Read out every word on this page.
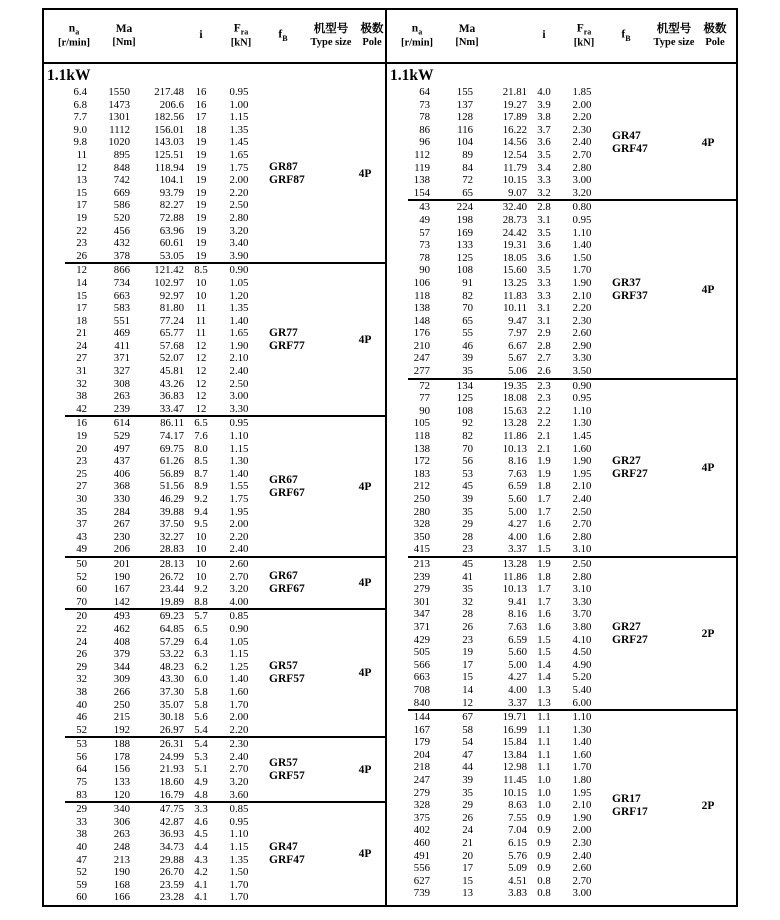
$n_a$
[r/min]
Ma
[Nm]
i
$F_{ra}$
[kN]
$f_B$
机型号
Type size
极数
Pole
1.1kW
6.4	1550	217.48	16	0.95
6.8	1473	206.6	16	1.00
7.7	1301	182.56	17	1.15
9.0	1112	156.01	18	1.35
9.8	1020	143.03	19	1.45
11	895	125.51	19	1.65
12	848	118.94	19	1.75
13	742	104.1	19	2.00
15	669	93.79	19	2.20
17	586	82.27	19	2.50
19	520	72.88	19	2.80
22	456	63.96	19	3.20
23	432	60.61	19	3.40
26	378	53.05	19	3.90
GR87
GRF87	4P
12	866	121.42 8.5	0.90
14	734	102.97	10	1.05
15	663	92.97	10	1.20
17	583	81.80	11	1.35
18	551	77.24	11	1.40
21	469	65.77	11	1.65
24	411	57.68	12	1.90
27	371	52.07	12	2.10
31	327	45.81	12	2.40
32	308	43.26	12	2.50
38	263	36.83	12	3.00
42	239	33.47	12	3.30
GR77
GRF77	4P
16	614	86.11 6.5	0.95
19	529	74.17 7.6	1.10
20	497	69.75 8.0	1.15
23	437	61.26 8.5	1.30
25	406	56.89 8.7	1.40
27	368	51.56 8.9	1.55
30	330	46.29 9.2	1.75
35	284	39.88 9.4	1.95
37	267	37.50 9.5	2.00
43	230	32.27	10	2.20
49	206	28.83	10	2.40
GR67
GRF67	4P
50	201	28.13	10	2.60
52	190	26.72	10	2.70
60	167	23.44 9.2	3.20
70	142	19.89 8.8	4.00
GR67
GRF67	4P
20	493	69.23 5.7	0.85
22	462	64.85 6.5	0.90
24	408	57.29 6.4	1.05
26	379	53.22 6.3	1.15
29	344	48.23 6.2	1.25
32	309	43.30 6.0	1.40
38	266	37.30 5.8	1.60
40	250	35.07 5.8	1.70
46	215	30.18 5.6	2.00
52	192	26.97 5.4	2.20
GR57
GRF57	4P
53	188	26.31 5.4	2.30
56	178	24.99 5.3	2.40
64	156	21.93 5.1	2.70
75	133	18.60 4.9	3.20
83	120	16.79 4.8	3.60
GR57
GRF57	4P
29	340	47.75 3.3	0.85
33	306	42.87 4.6	0.95
38	263	36.93 4.5	1.10
40	248	34.73 4.4	1.15
47	213	29.88 4.3	1.35
52	190	26.70 4.2	1.50
59	168	23.59 4.1	1.70
60	166	23.28 4.1	1.70
GR47
GRF47	4P
$n_a$
[r/min]
Ma
[Nm]
i
$F_{ra}$
[kN]
$f_B$
机型号
Type size
极数
Pole
1.1kW
64	155	21.81 4.0	1.85
73	137	19.27 3.9	2.00
78	128	17.89 3.8	2.20
86	116	16.22 3.7	2.30
96	104	14.56 3.6	2.40
112	89	12.54 3.5	2.70
119	84	11.79 3.4	2.80
138	72	10.15 3.3	3.00
154	65	9.07 3.2	3.20
GR47
GRF47	4P
43	224	32.40 2.8	0.80
49	198	28.73 3.1	0.95
57	169	24.42 3.5	1.10
73	133	19.31 3.6	1.40
78	125	18.05 3.6	1.50
90	108	15.60 3.5	1.70
106	91	13.25 3.3	1.90
118	82	11.83 3.3	2.10
138	70	10.11 3.1	2.20
148	65	9.47 3.1	2.30
176	55	7.97 2.9	2.60
210	46	6.67 2.8	2.90
247	39	5.67 2.7	3.30
277	35	5.06 2.6	3.50
GR37
GRF37	4P
72	134	19.35 2.3	0.90
77	125	18.08 2.3	0.95
90	108	15.63 2.2	1.10
105	92	13.28 2.2	1.30
118	82	11.86 2.1	1.45
138	70	10.13 2.1	1.60
172	56	8.16 1.9	1.90
183	53	7.63 1.9	1.95
212	45	6.59 1.8	2.10
250	39	5.60 1.7	2.40
280	35	5.00 1.7	2.50
328	29	4.27 1.6	2.70
350	28	4.00 1.6	2.80
415	23	3.37 1.5	3.10
GR27
GRF27	4P
213	45	13.28 1.9	2.50
239	41	11.86 1.8	2.80
279	35	10.13 1.7	3.10
301	32	9.41 1.7	3.30
347	28	8.16 1.6	3.70
371	26	7.63 1.6	3.80
429	23	6.59 1.5	4.10
505	19	5.60 1.5	4.50
566	17	5.00 1.4	4.90
663	15	4.27 1.4	5.20
708	14	4.00 1.3	5.40
840	12	3.37 1.3	6.00
GR27
GRF27	2P
144	67	19.71 1.1	1.10
167	58	16.99 1.1	1.30
179	54	15.84 1.1	1.40
204	47	13.84 1.1	1.60
218	44	12.98 1.1	1.70
247	39	11.45 1.0	1.80
279	35	10.15 1.0	1.95
328	29	8.63 1.0	2.10
375	26	7.55 0.9	1.90
402	24	7.04 0.9	2.00
460	21	6.15 0.9	2.30
491	20	5.76 0.9	2.40
556	17	5.09 0.9	2.60
627	15	4.51 0.8	2.70
739	13	3.83 0.8	3.00
GR17
GRF17	2P
